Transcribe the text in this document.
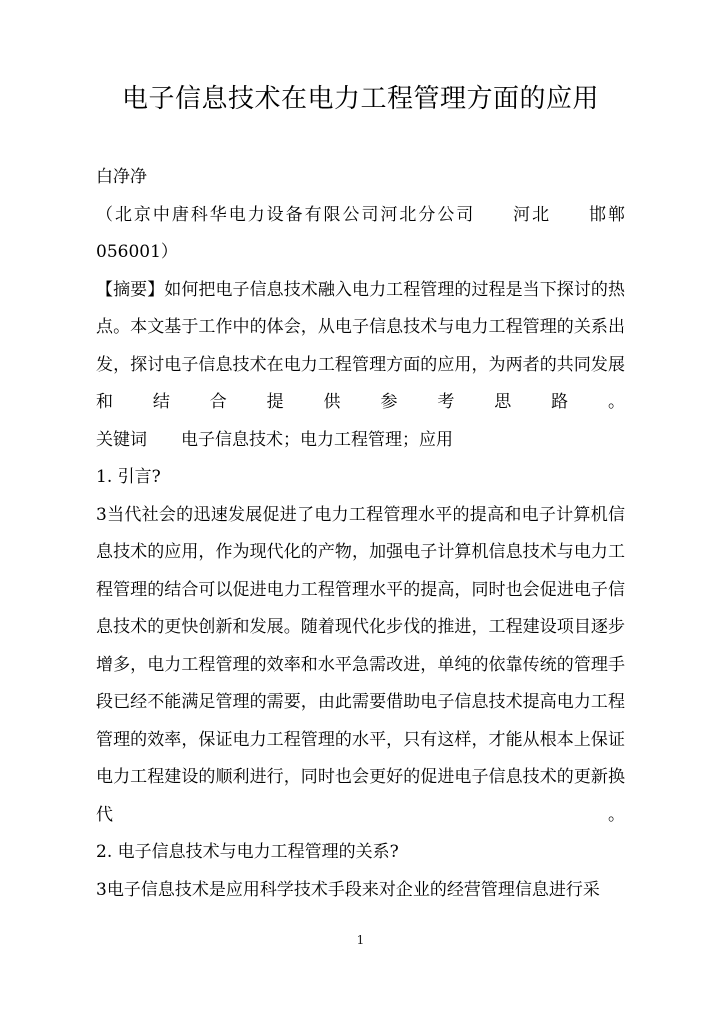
电子信息技术在电力工程管理方面的应用

白净净

（北京中唐科华电力设备有限公司河北分公司　　河北　　邯郸056001）

【摘要】如何把电子信息技术融入电力工程管理的过程是当下探讨的热点。本文基于工作中的体会，从电子信息技术与电力工程管理的关系出发，探讨电子信息技术在电力工程管理方面的应用，为两者的共同发展和结合提供参考思路。

关键词　　电子信息技术；电力工程管理；应用

1. 引言?

3当代社会的迅速发展促进了电力工程管理水平的提高和电子计算机信息技术的应用，作为现代化的产物，加强电子计算机信息技术与电力工程管理的结合可以促进电力工程管理水平的提高，同时也会促进电子信息技术的更快创新和发展。随着现代化步伐的推进，工程建设项目逐步增多，电力工程管理的效率和水平急需改进，单纯的依靠传统的管理手段已经不能满足管理的需要，由此需要借助电子信息技术提高电力工程管理的效率，保证电力工程管理的水平，只有这样，才能从根本上保证电力工程建设的顺利进行，同时也会更好的促进电子信息技术的更新换代。

2. 电子信息技术与电力工程管理的关系?

3电子信息技术是应用科学技术手段来对企业的经营管理信息进行采

1
